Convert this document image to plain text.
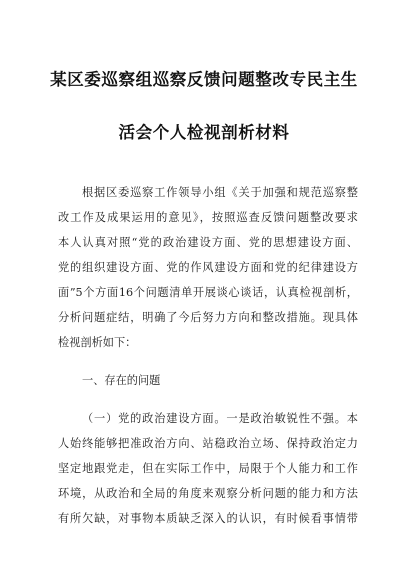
某区委巡察组巡察反馈问题整改专民主生
活会个人检视剖析材料
根据区委巡察工作领导小组《关于加强和规范巡察整
改工作及成果运用的意见》，按照巡查反馈问题整改要求
本人认真对照“党的政治建设方面、党的思想建设方面、
党的组织建设方面、党的作风建设方面和党的纪律建设方
面”5个方面16个问题清单开展谈心谈话，认真检视剖析，
分析问题症结，明确了今后努力方向和整改措施。现具体
检视剖析如下：
一、存在的问题
（一）党的政治建设方面。一是政治敏锐性不强。本
人始终能够把准政治方向、站稳政治立场、保持政治定力
坚定地跟党走，但在实际工作中，局限于个人能力和工作
环境，从政治和全局的角度来观察分析问题的能力和方法
有所欠缺，对事物本质缺乏深入的认识，有时候看事情带
